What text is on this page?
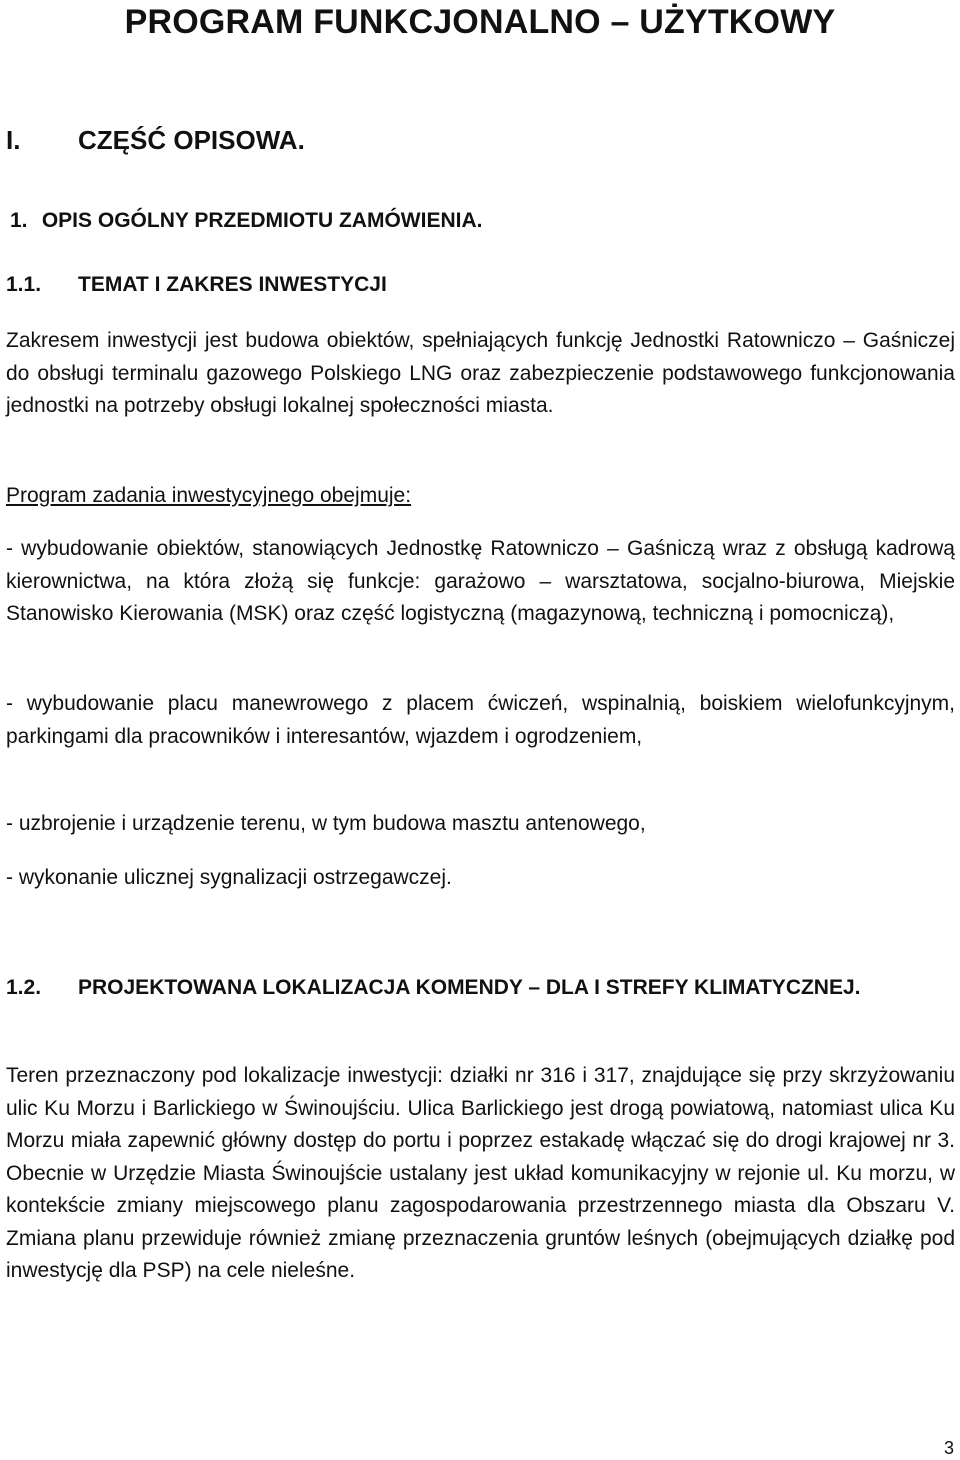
PROGRAM FUNKCJONALNO – UŻYTKOWY
I. CZĘŚĆ OPISOWA.
1. OPIS OGÓLNY PRZEDMIOTU ZAMÓWIENIA.
1.1. TEMAT I ZAKRES INWESTYCJI

Zakresem inwestycji jest budowa obiektów, spełniających funkcję Jednostki Ratowniczo – Gaśniczej do obsługi terminalu gazowego Polskiego LNG oraz zabezpieczenie podstawowego funkcjonowania jednostki na potrzeby obsługi lokalnej społeczności miasta.

Program zadania inwestycyjnego obejmuje:

- wybudowanie obiektów, stanowiących Jednostkę Ratowniczo – Gaśniczą wraz z obsługą kadrową kierownictwa, na która złożą się funkcje: garażowo – warsztatowa, socjalno-biurowa, Miejskie Stanowisko Kierowania (MSK) oraz część logistyczną (magazynową, techniczną i pomocniczą),

- wybudowanie placu manewrowego z placem ćwiczeń, wspinalnią, boiskiem wielofunkcyjnym, parkingami dla pracowników i interesantów, wjazdem i ogrodzeniem,

- uzbrojenie i urządzenie terenu, w tym budowa masztu antenowego,

- wykonanie ulicznej sygnalizacji ostrzegawczej.

1.2. PROJEKTOWANA LOKALIZACJA KOMENDY – DLA I STREFY KLIMATYCZNEJ.

Teren przeznaczony pod lokalizacje inwestycji: działki nr 316 i 317, znajdujące się przy skrzyżowaniu ulic Ku Morzu i Barlickiego w Świnoujściu. Ulica Barlickiego jest drogą powiatową, natomiast ulica Ku Morzu miała zapewnić główny dostęp do portu i poprzez estakadę włączać się do drogi krajowej nr 3. Obecnie w Urzędzie Miasta Świnoujście ustalany jest układ komunikacyjny w rejonie ul. Ku morzu, w kontekście zmiany miejscowego planu zagospodarowania przestrzennego miasta dla Obszaru V. Zmiana planu przewiduje również zmianę przeznaczenia gruntów leśnych (obejmujących działkę pod inwestycję dla PSP) na cele nieleśne.

3
